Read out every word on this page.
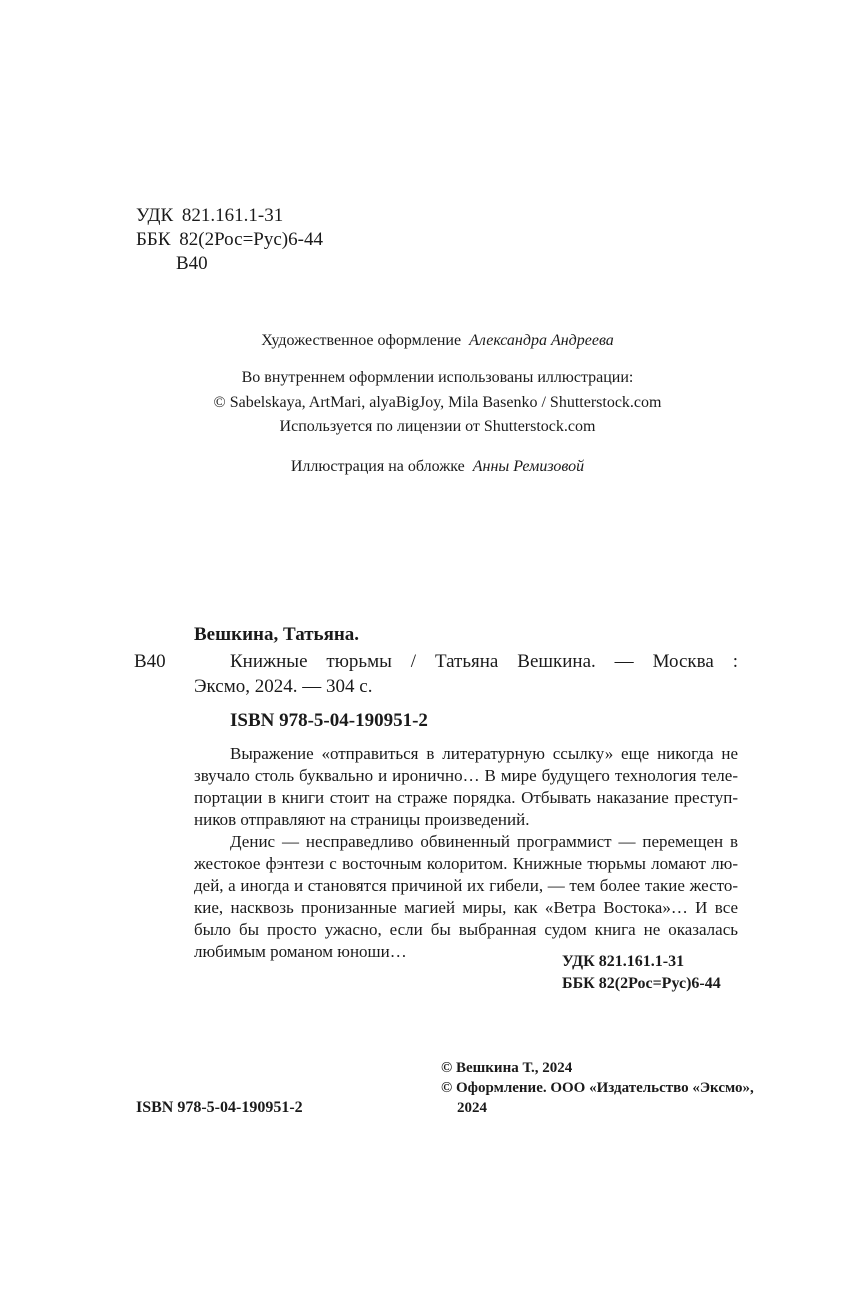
УДК 821.161.1-31
ББК 82(2Рос=Рус)6-44
В40
Художественное оформление Александра Андреева
Во внутреннем оформлении использованы иллюстрации:
© Sabelskaya, ArtMari, alyaBigJoy, Mila Basenko / Shutterstock.com
Используется по лицензии от Shutterstock.com
Иллюстрация на обложке Анны Ремизовой
Вешкина, Татьяна.
В40	Книжные тюрьмы / Татьяна Вешкина. — Москва :
Эксмо, 2024. — 304 с.
ISBN 978-5-04-190951-2
Выражение «отправиться в литературную ссылку» еще никогда не
звучало столь буквально и иронично… В мире будущего технология теле-
портации в книги стоит на страже порядка. Отбывать наказание преступ-
ников отправляют на страницы произведений.
Денис — несправедливо обвиненный программист — перемещен в
жестокое фэнтези с восточным колоритом. Книжные тюрьмы ломают лю-
дей, а иногда и становятся причиной их гибели, — тем более такие жесто-
кие, насквозь пронизанные магией миры, как «Ветра Востока»… И все
было бы просто ужасно, если бы выбранная судом книга не оказалась
любимым романом юноши…
УДК 821.161.1-31
ББК 82(2Рос=Рус)6-44
ISBN 978-5-04-190951-2
© Вешкина Т., 2024
© Оформление. ООО «Издательство «Эксмо»,
2024
